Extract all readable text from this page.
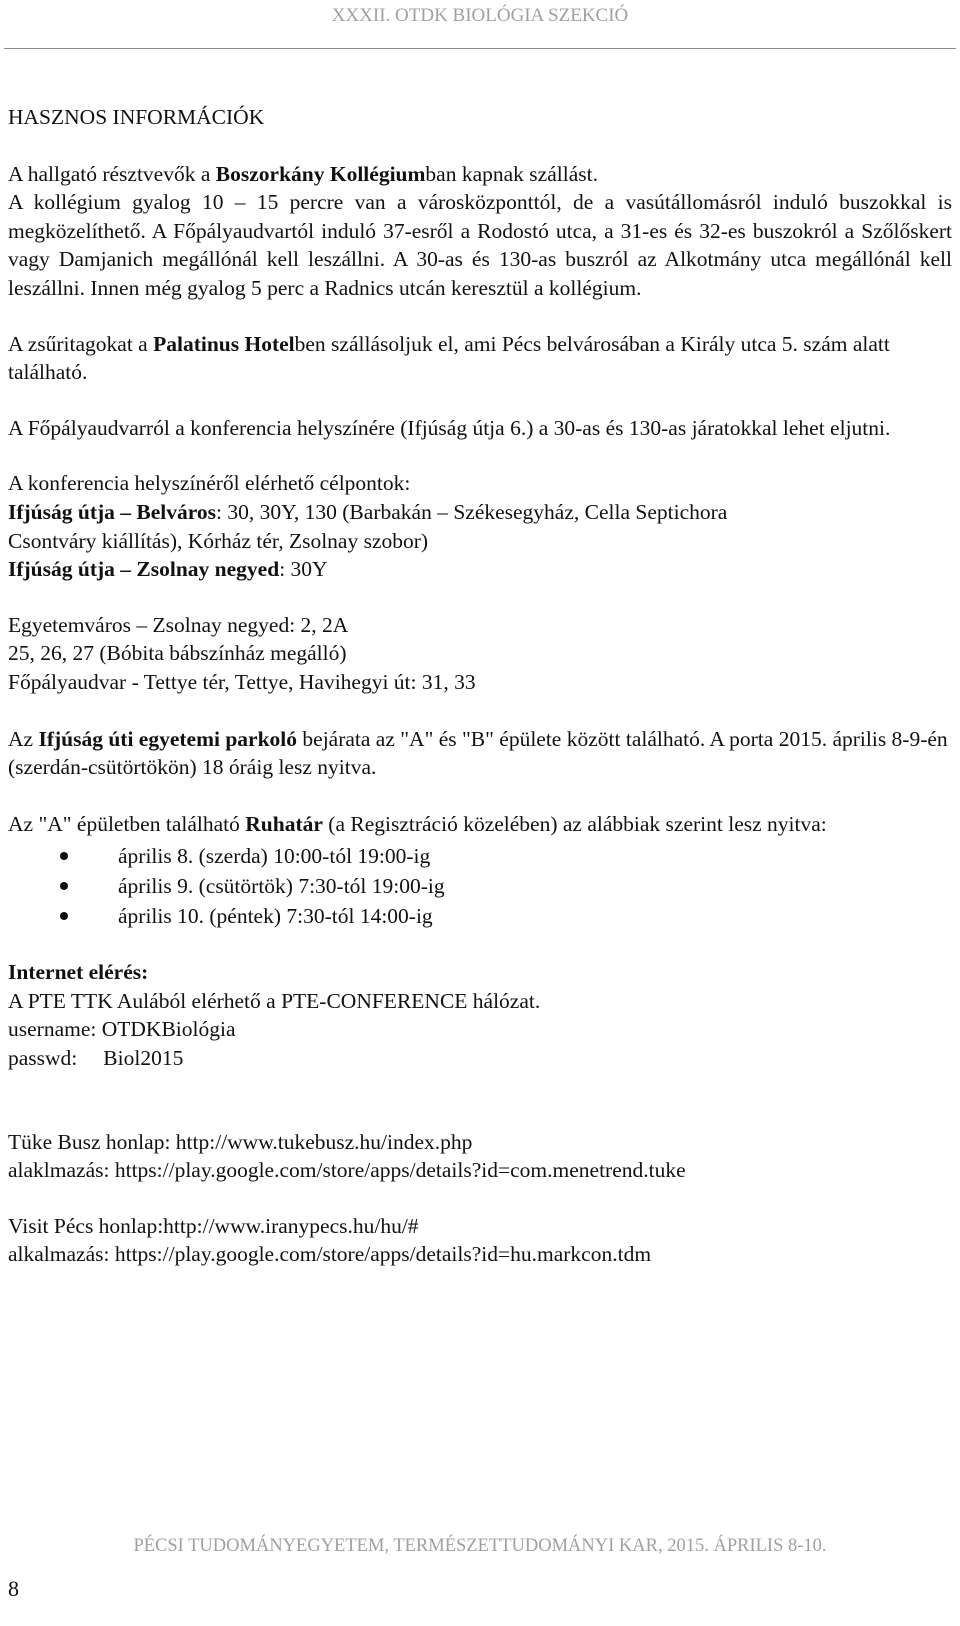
XXXII. OTDK BIOLÓGIA SZEKCIÓ

HASZNOS INFORMÁCIÓK

A hallgató résztvevők a Boszorkány Kollégiumban kapnak szállást.

A kollégium gyalog 10 – 15 percre van a városközponttól, de a vasútállomásról induló buszokkal is megközelíthető. A Főpályaudvartól induló 37-esről a Rodostó utca, a 31-es és 32-es buszokról a Szőlőskert vagy Damjanich megállónál kell leszállni. A 30-as és 130-as buszról az Alkotmány utca megállónál kell leszállni. Innen még gyalog 5 perc a Radnics utcán keresztül a kollégium.

A zsűritagokat a Palatinus Hotelben szállásoljuk el, ami Pécs belvárosában a Király utca 5. szám alatt található.

A Főpályaudvarról a konferencia helyszínére (Ifjúság útja 6.) a 30-as és 130-as járatokkal lehet eljutni.

A konferencia helyszínéről elérhető célpontok:

Ifjúság útja – Belváros: 30, 30Y, 130 (Barbakán – Székesegyház, Cella Septichora

Csontváry kiállítás), Kórház tér, Zsolnay szobor)

Ifjúság útja – Zsolnay negyed: 30Y

Egyetemváros – Zsolnay negyed: 2, 2A

25, 26, 27 (Bóbita bábszínház megálló)

Főpályaudvar - Tettye tér, Tettye, Havihegyi út: 31, 33

Az Ifjúság úti egyetemi parkoló bejárata az "A" és "B" épülete között található. A porta 2015. április 8-9-én (szerdán-csütörtökön) 18 óráig lesz nyitva.

Az "A" épületben található Ruhatár (a Regisztráció közelében) az alábbiak szerint lesz nyitva:

április 8. (szerda) 10:00-tól 19:00-ig
április 9. (csütörtök) 7:30-tól 19:00-ig
április 10. (péntek) 7:30-tól 14:00-ig

Internet elérés:

A PTE TTK Aulából elérhető a PTE-CONFERENCE hálózat.

username: OTDKBiológia

passwd: Biol2015

Tüke Busz honlap: http://www.tukebusz.hu/index.php

alaklmazás: https://play.google.com/store/apps/details?id=com.menetrend.tuke

Visit Pécs honlap:http://www.iranypecs.hu/hu/#

alkalmazás: https://play.google.com/store/apps/details?id=hu.markcon.tdm

PÉCSI TUDOMÁNYEGYETEM, TERMÉSZETTUDOMÁNYI KAR, 2015. ÁPRILIS 8-10.
8
